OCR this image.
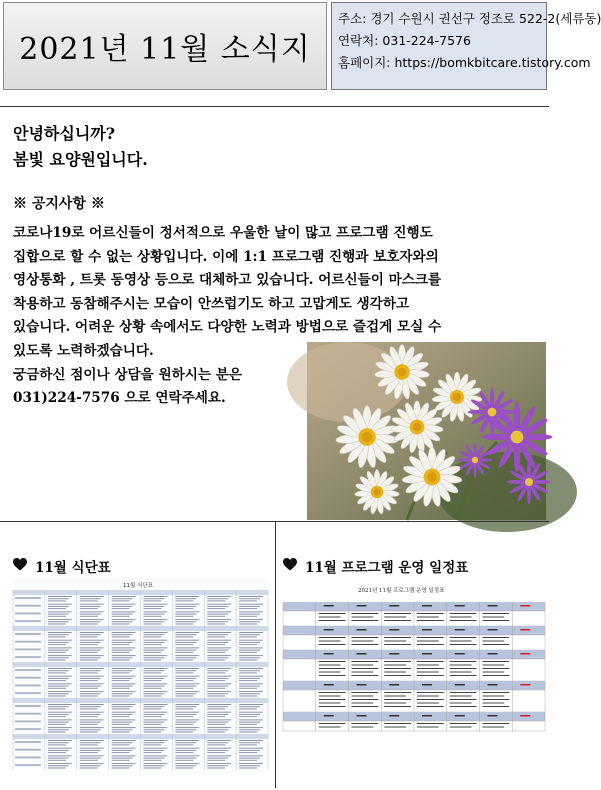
2021년 11월 소식지
주소: 경기 수원시 권선구 정조로 522-2(세류동)
연락처: 031-224-7576
홈페이지: https://bomkbitcare.tistory.com
안녕하십니까?
봄빛 요양원입니다.
※ 공지사항 ※
코로나19로 어르신들이 정서적으로 우울한 날이 많고 프로그램 진행도
집합으로 할 수 없는 상황입니다. 이에 1:1 프로그램 진행과 보호자와의
영상통화 , 트롯 동영상 등으로 대체하고 있습니다. 어르신들이 마스크를
착용하고 동참해주시는 모습이 안쓰럽기도 하고 고맙게도 생각하고
있습니다. 어려운 상황 속에서도 다양한 노력과 방법으로 즐겁게 모실 수
있도록 노력하겠습니다.
궁금하신 점이나 상담을 원하시는 분은
031)224-7576 으로 연락주세요.
11월 식단표	11월 프로그램 운영 일정표
11월 식단표
2021년 11월 프로그램 운영 일정표
